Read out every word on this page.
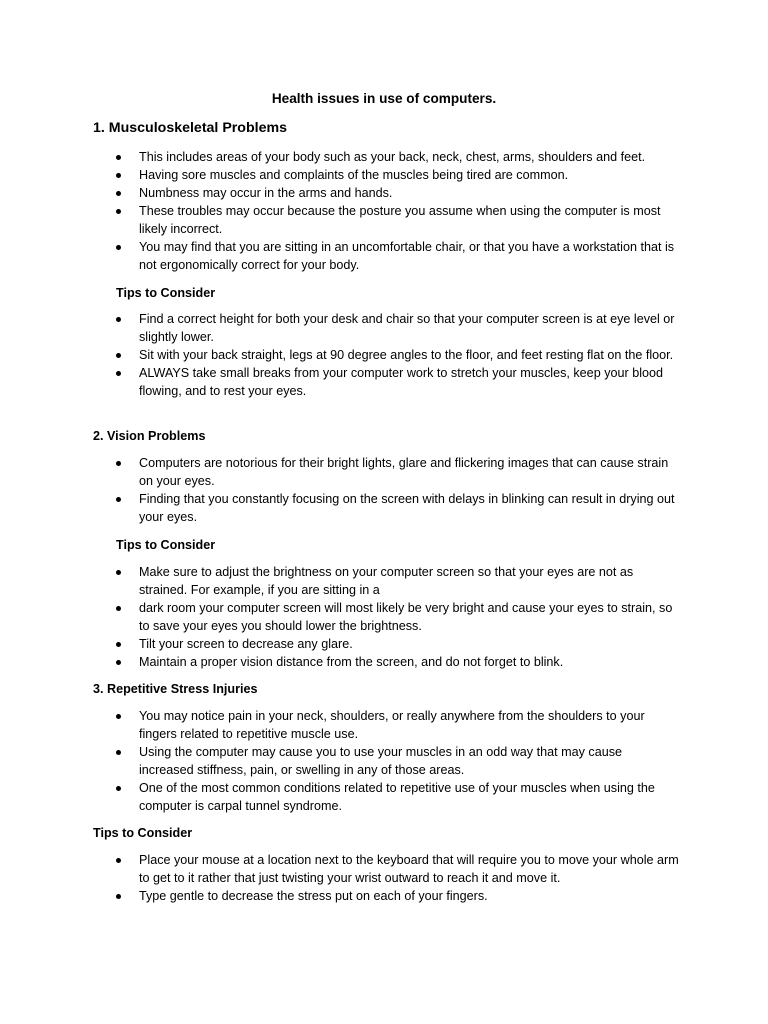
Health issues in use of computers.
1. Musculoskeletal Problems
This includes areas of your body such as your back, neck, chest, arms, shoulders and feet.
Having sore muscles and complaints of the muscles being tired are common.
Numbness may occur in the arms and hands.
These troubles may occur because the posture you assume when using the computer is most likely incorrect.
You may find that you are sitting in an uncomfortable chair, or that you have a workstation that is not ergonomically correct for your body.
Tips to Consider
Find a correct height for both your desk and chair so that your computer screen is at eye level or slightly lower.
Sit with your back straight, legs at 90 degree angles to the floor, and feet resting flat on the floor.
ALWAYS take small breaks from your computer work to stretch your muscles, keep your blood flowing, and to rest your eyes.
2. Vision Problems
Computers are notorious for their bright lights, glare and flickering images that can cause strain on your eyes.
Finding that you constantly focusing on the screen with delays in blinking can result in drying out your eyes.
Tips to Consider
Make sure to adjust the brightness on your computer screen so that your eyes are not as strained. For example, if you are sitting in a
dark room your computer screen will most likely be very bright and cause your eyes to strain, so to save your eyes you should lower the brightness.
Tilt your screen to decrease any glare.
Maintain a proper vision distance from the screen, and do not forget to blink.
3. Repetitive Stress Injuries
You may notice pain in your neck, shoulders, or really anywhere from the shoulders to your fingers related to repetitive muscle use.
Using the computer may cause you to use your muscles in an odd way that may cause increased stiffness, pain, or swelling in any of those areas.
One of the most common conditions related to repetitive use of your muscles when using the computer is carpal tunnel syndrome.
Tips to Consider
Place your mouse at a location next to the keyboard that will require you to move your whole arm to get to it rather that just twisting your wrist outward to reach it and move it.
Type gentle to decrease the stress put on each of your fingers.
